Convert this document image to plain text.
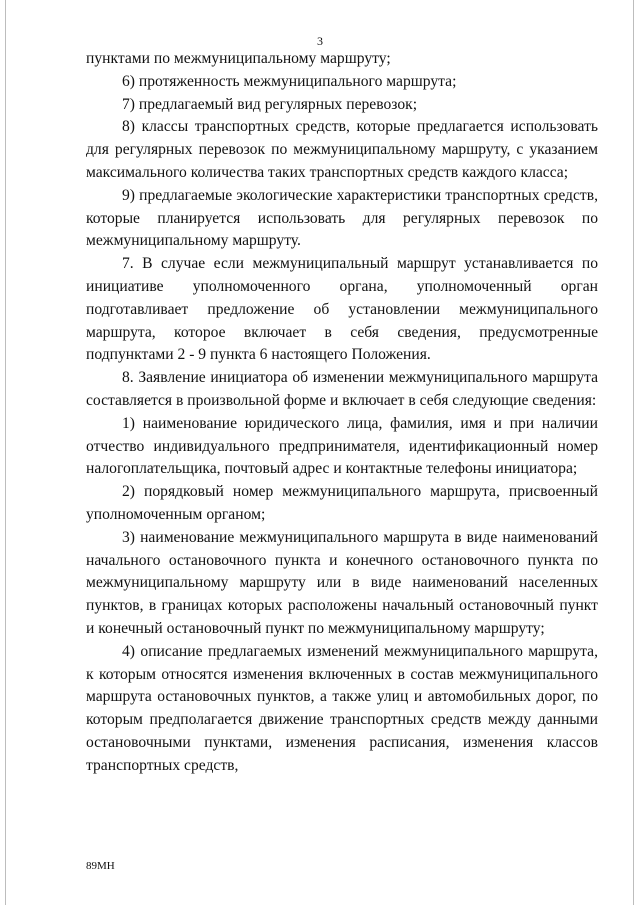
3

пунктами по межмуниципальному маршруту;

6) протяженность межмуниципального маршрута;

7) предлагаемый вид регулярных перевозок;

8) классы транспортных средств, которые предлагается использовать для регулярных перевозок по межмуниципальному маршруту, с указанием максимального количества таких транспортных средств каждого класса;

9) предлагаемые экологические характеристики транспортных средств, которые планируется использовать для регулярных перевозок по межмуниципальному маршруту.

7. В случае если межмуниципальный маршрут устанавливается по инициативе уполномоченного органа, уполномоченный орган подготавливает предложение об установлении межмуниципального маршрута, которое включает в себя сведения, предусмотренные подпунктами 2 - 9 пункта 6 настоящего Положения.

8. Заявление инициатора об изменении межмуниципального маршрута составляется в произвольной форме и включает в себя следующие сведения:

1) наименование юридического лица, фамилия, имя и при наличии отчество индивидуального предпринимателя, идентификационный номер налогоплательщика, почтовый адрес и контактные телефоны инициатора;

2) порядковый номер межмуниципального маршрута, присвоенный уполномоченным органом;

3) наименование межмуниципального маршрута в виде наименований начального остановочного пункта и конечного остановочного пункта по межмуниципальному маршруту или в виде наименований населенных пунктов, в границах которых расположены начальный остановочный пункт и конечный остановочный пункт по межмуниципальному маршруту;

4) описание предлагаемых изменений межмуниципального маршрута, к которым относятся изменения включенных в состав межмуниципального маршрута остановочных пунктов, а также улиц и автомобильных дорог, по которым предполагается движение транспортных средств между данными остановочными пунктами, изменения расписания, изменения классов транспортных средств,

89МН
